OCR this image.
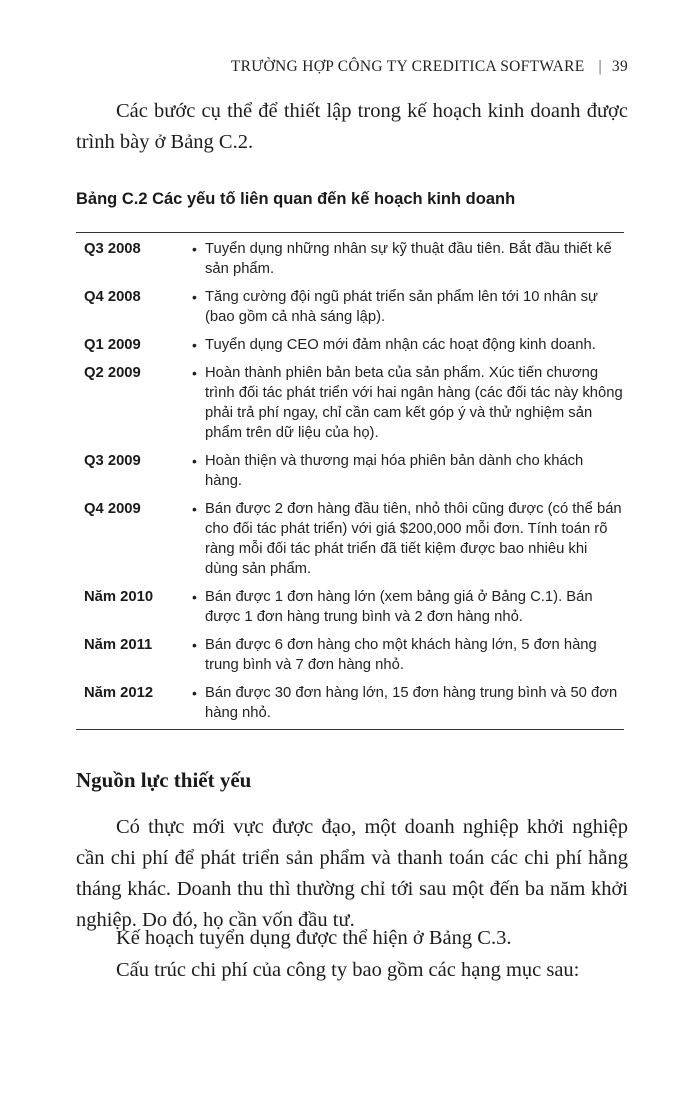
TRƯỜNG HỢP CÔNG TY CREDITICA SOFTWARE | 39

Các bước cụ thể để thiết lập trong kế hoạch kinh doanh được trình bày ở Bảng C.2.

Bảng C.2 Các yếu tố liên quan đến kế hoạch kinh doanh
Q3 2008	• Tuyển dụng những nhân sự kỹ thuật đầu tiên. Bắt đầu thiết kế sản phẩm.
Q4 2008	• Tăng cường đội ngũ phát triển sản phẩm lên tới 10 nhân sự (bao gồm cả nhà sáng lập).
Q1 2009	• Tuyển dụng CEO mới đảm nhận các hoạt động kinh doanh.
Q2 2009	• Hoàn thành phiên bản beta của sản phẩm. Xúc tiến chương trình đối tác phát triển với hai ngân hàng (các đối tác này không phải trả phí ngay, chỉ cần cam kết góp ý và thử nghiệm sản phẩm trên dữ liệu của họ).
Q3 2009	• Hoàn thiện và thương mại hóa phiên bản dành cho khách hàng.
Q4 2009	• Bán được 2 đơn hàng đầu tiên, nhỏ thôi cũng được (có thể bán cho đối tác phát triển) với giá $200,000 mỗi đơn. Tính toán rõ ràng mỗi đối tác phát triển đã tiết kiệm được bao nhiêu khi dùng sản phẩm.
Năm 2010	• Bán được 1 đơn hàng lớn (xem bảng giá ở Bảng C.1). Bán được 1 đơn hàng trung bình và 2 đơn hàng nhỏ.
Năm 2011	• Bán được 6 đơn hàng cho một khách hàng lớn, 5 đơn hàng trung bình và 7 đơn hàng nhỏ.
Năm 2012	• Bán được 30 đơn hàng lớn, 15 đơn hàng trung bình và 50 đơn hàng nhỏ.
Nguồn lực thiết yếu

Có thực mới vực được đạo, một doanh nghiệp khởi nghiệp cần chi phí để phát triển sản phẩm và thanh toán các chi phí hằng tháng khác. Doanh thu thì thường chỉ tới sau một đến ba năm khởi nghiệp. Do đó, họ cần vốn đầu tư.

Kế hoạch tuyển dụng được thể hiện ở Bảng C.3.

Cấu trúc chi phí của công ty bao gồm các hạng mục sau:
